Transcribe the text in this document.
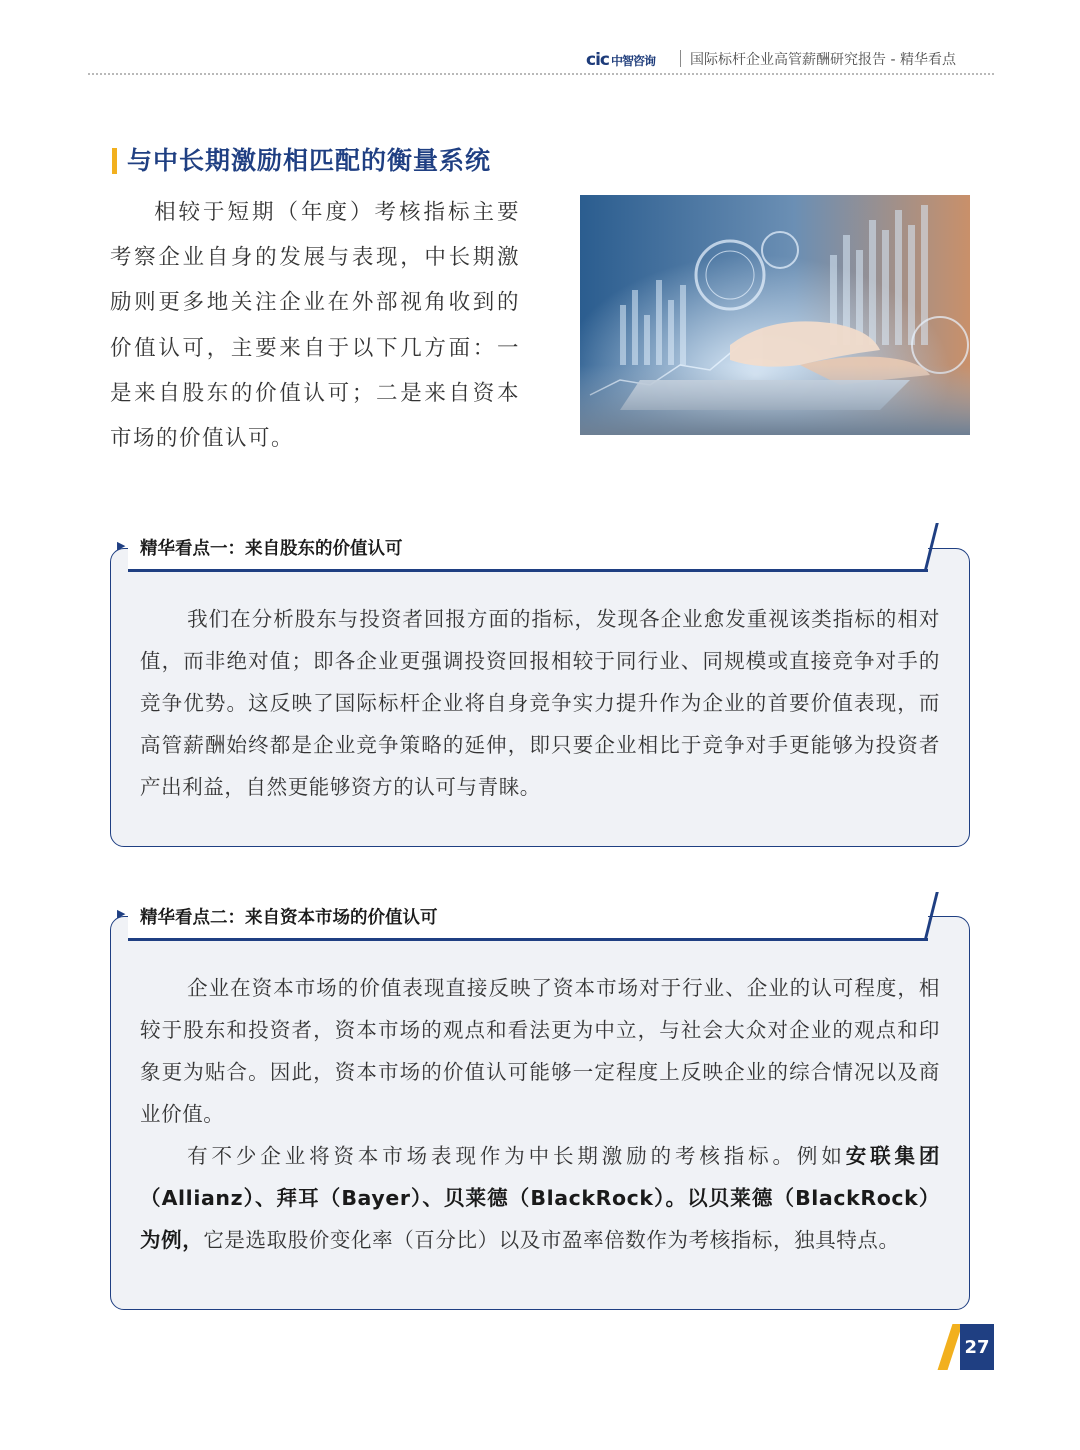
cic 中智咨询	国际标杆企业高管薪酬研究报告 - 精华看点
与中长期激励相匹配的衡量系统

相较于短期（年度）考核指标主要考察企业自身的发展与表现，中长期激励则更多地关注企业在外部视角收到的价值认可，主要来自于以下几方面：一是来自股东的价值认可；二是来自资本市场的价值认可。

▶ 精华看点一：来自股东的价值认可

我们在分析股东与投资者回报方面的指标，发现各企业愈发重视该类指标的相对值，而非绝对值；即各企业更强调投资回报相较于同行业、同规模或直接竞争对手的竞争优势。这反映了国际标杆企业将自身竞争实力提升作为企业的首要价值表现，而高管薪酬始终都是企业竞争策略的延伸，即只要企业相比于竞争对手更能够为投资者产出利益，自然更能够资方的认可与青睐。

▶ 精华看点二：来自资本市场的价值认可

企业在资本市场的价值表现直接反映了资本市场对于行业、企业的认可程度，相较于股东和投资者，资本市场的观点和看法更为中立，与社会大众对企业的观点和印象更为贴合。因此，资本市场的价值认可能够一定程度上反映企业的综合情况以及商业价值。

有不少企业将资本市场表现作为中长期激励的考核指标。例如安联集团（Allianz）、拜耳（Bayer）、贝莱德（BlackRock）。以贝莱德（BlackRock）为例，它是选取股价变化率（百分比）以及市盈率倍数作为考核指标，独具特点。

27
